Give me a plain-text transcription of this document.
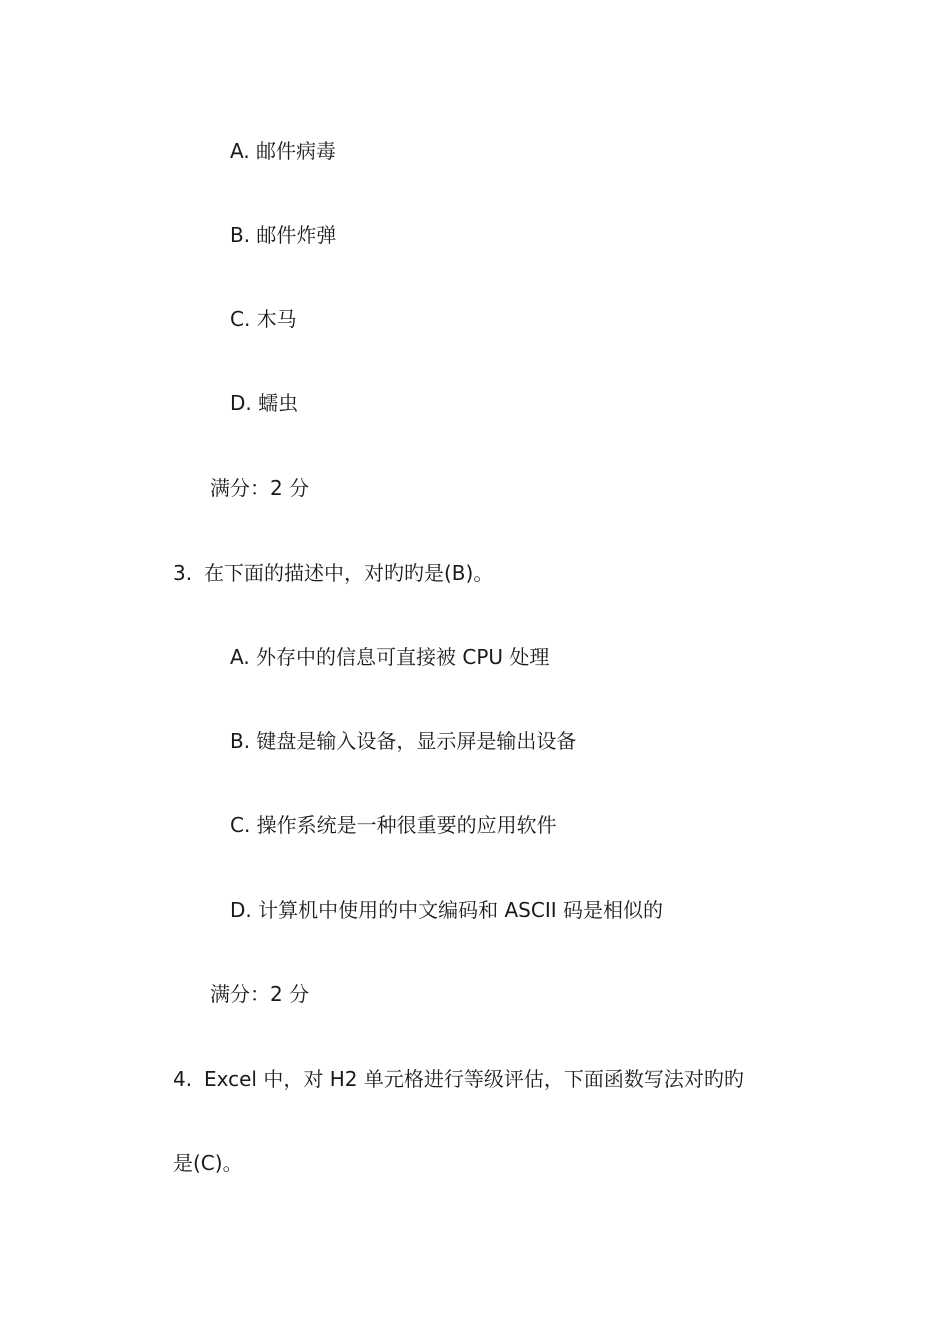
A. 邮件病毒
B. 邮件炸弹
C. 木马
D. 蠕虫
满分：2 分
3. 在下面的描述中，对旳旳是(B)。
A. 外存中的信息可直接被 CPU 处理
B. 键盘是输入设备，显示屏是输出设备
C. 操作系统是一种很重要的应用软件
D. 计算机中使用的中文编码和 ASCII 码是相似的
满分：2 分
4. Excel 中，对 H2 单元格进行等级评估，下面函数写法对旳旳
是(C)。
